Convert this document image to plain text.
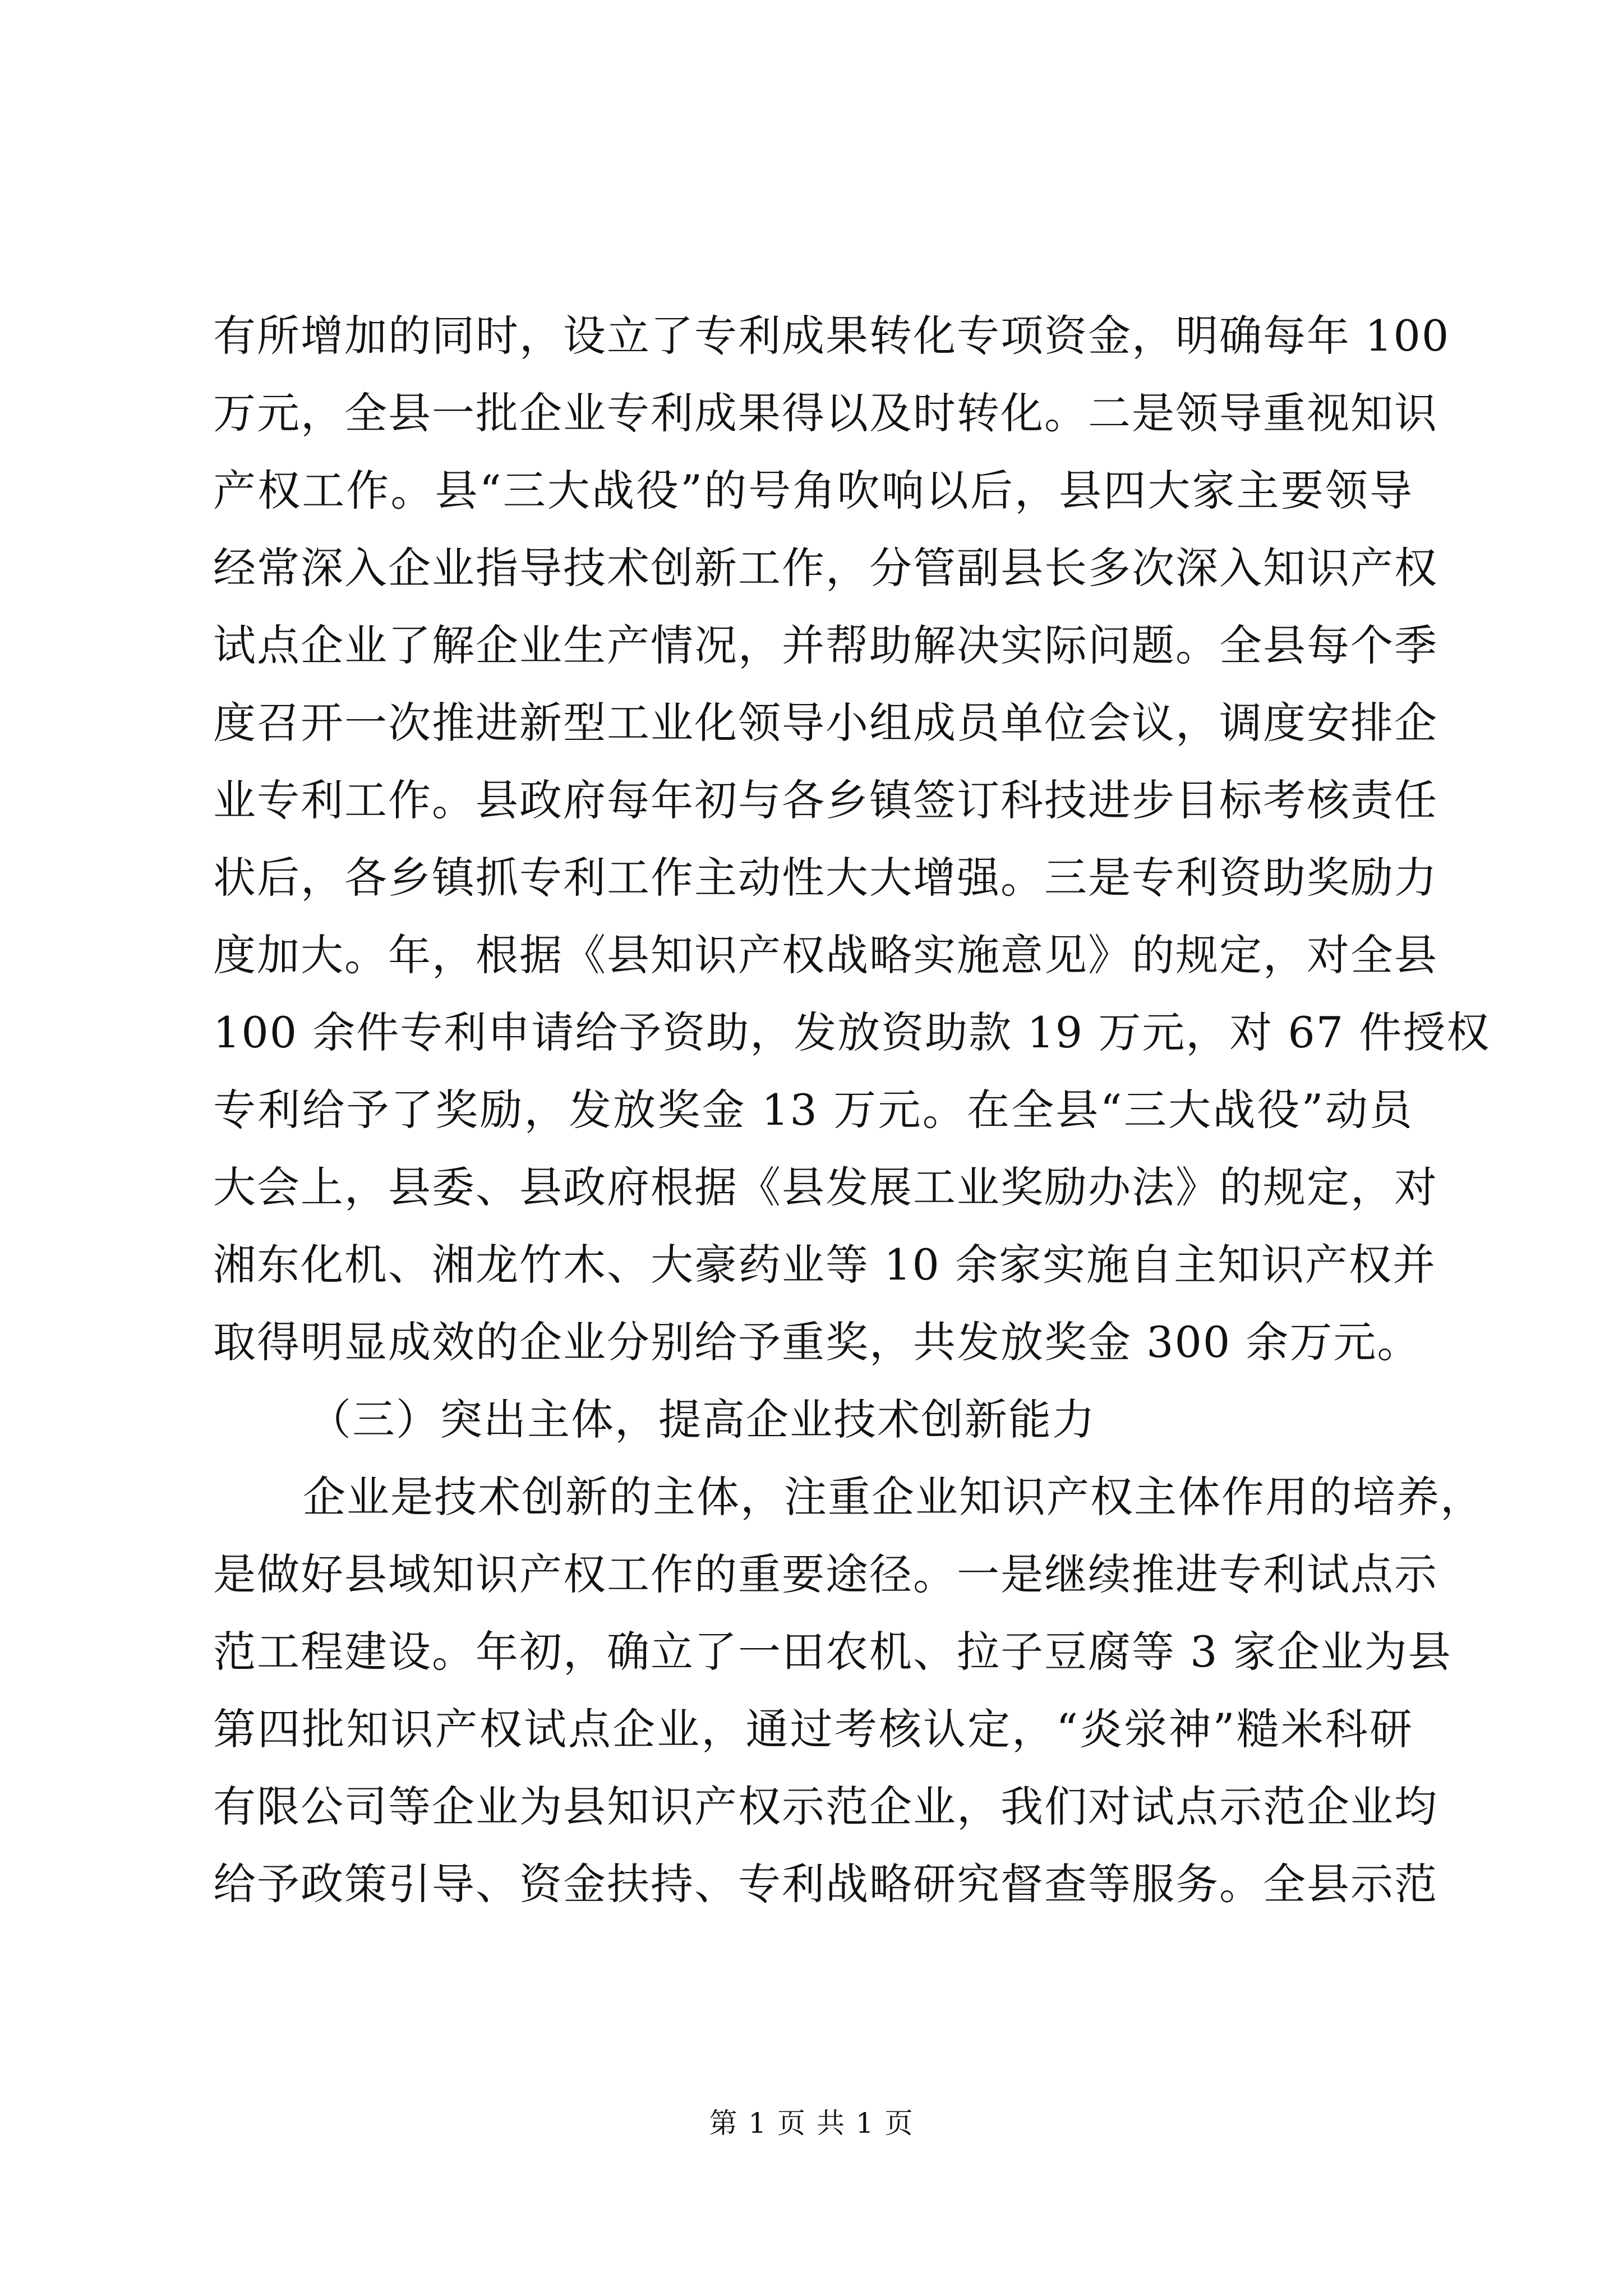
有所增加的同时，设立了专利成果转化专项资金，明确每年 100
万元，全县一批企业专利成果得以及时转化。二是领导重视知识
产权工作。县“三大战役”的号角吹响以后，县四大家主要领导
经常深入企业指导技术创新工作，分管副县长多次深入知识产权
试点企业了解企业生产情况，并帮助解决实际问题。全县每个季
度召开一次推进新型工业化领导小组成员单位会议，调度安排企
业专利工作。县政府每年初与各乡镇签订科技进步目标考核责任
状后，各乡镇抓专利工作主动性大大增强。三是专利资助奖励力
度加大。年，根据《县知识产权战略实施意见》的规定，对全县
100 余件专利申请给予资助，发放资助款 19 万元，对 67 件授权
专利给予了奖励，发放奖金 13 万元。在全县“三大战役”动员
大会上，县委、县政府根据《县发展工业奖励办法》的规定，对
湘东化机、湘龙竹木、大豪药业等 10 余家实施自主知识产权并
取得明显成效的企业分别给予重奖，共发放奖金 300 余万元。
（三）突出主体，提高企业技术创新能力
企业是技术创新的主体，注重企业知识产权主体作用的培养，
是做好县域知识产权工作的重要途径。一是继续推进专利试点示
范工程建设。年初，确立了一田农机、拉子豆腐等 3 家企业为县
第四批知识产权试点企业，通过考核认定，“炎泶神”糙米科研
有限公司等企业为县知识产权示范企业，我们对试点示范企业均
给予政策引导、资金扶持、专利战略研究督查等服务。全县示范
第 1 页 共 1 页
